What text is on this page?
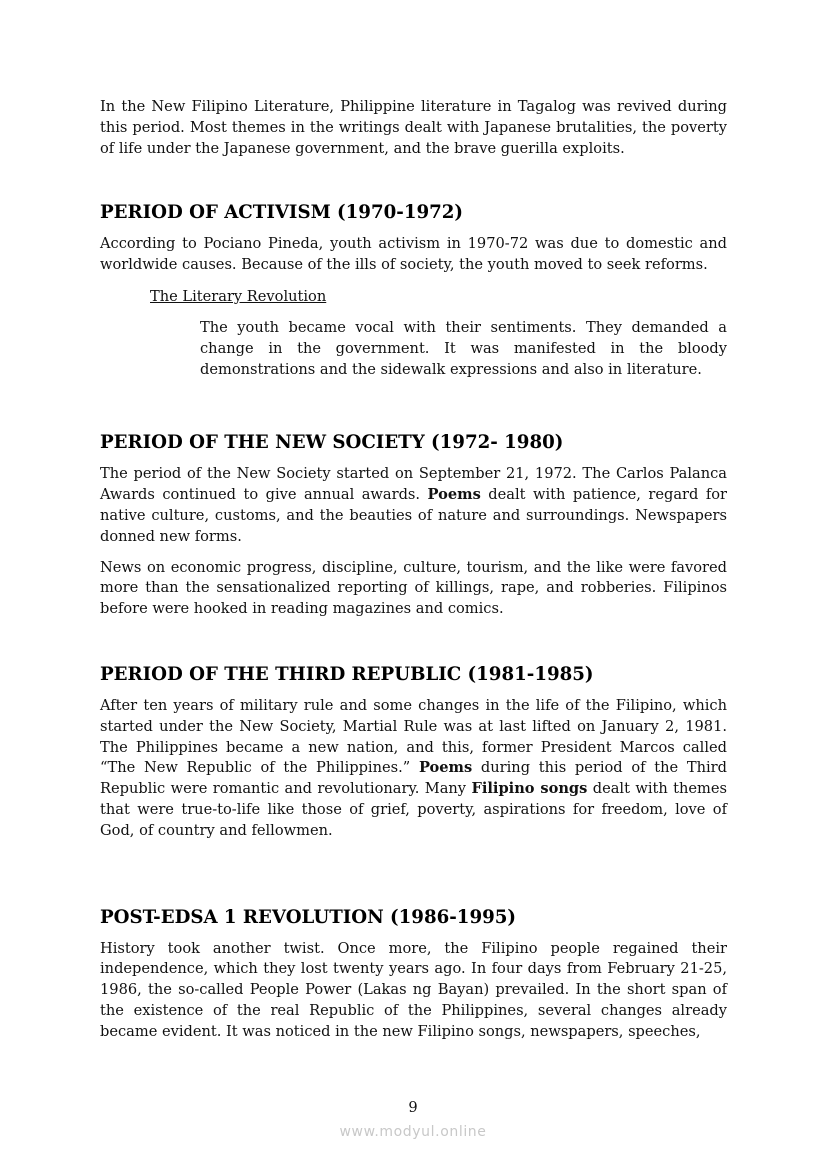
In the New Filipino Literature, Philippine literature in Tagalog was revived during this period. Most themes in the writings dealt with Japanese brutalities, the poverty of life under the Japanese government, and the brave guerilla exploits.

PERIOD OF ACTIVISM (1970-1972)

According to Pociano Pineda, youth activism in 1970-72 was due to domestic and worldwide causes. Because of the ills of society, the youth moved to seek reforms.

The Literary Revolution

The youth became vocal with their sentiments. They demanded a change in the government. It was manifested in the bloody demonstrations and the sidewalk expressions and also in literature.

PERIOD OF THE NEW SOCIETY (1972- 1980)

The period of the New Society started on September 21, 1972. The Carlos Palanca Awards continued to give annual awards. Poems dealt with patience, regard for native culture, customs, and the beauties of nature and surroundings. Newspapers donned new forms.

News on economic progress, discipline, culture, tourism, and the like were favored more than the sensationalized reporting of killings, rape, and robberies. Filipinos before were hooked in reading magazines and comics.

PERIOD OF THE THIRD REPUBLIC (1981-1985)

After ten years of military rule and some changes in the life of the Filipino, which started under the New Society, Martial Rule was at last lifted on January 2, 1981. The Philippines became a new nation, and this, former President Marcos called “The New Republic of the Philippines.” Poems during this period of the Third Republic were romantic and revolutionary. Many Filipino songs dealt with themes that were true-to-life like those of grief, poverty, aspirations for freedom, love of God, of country and fellowmen.

POST-EDSA 1 REVOLUTION (1986-1995)

History took another twist. Once more, the Filipino people regained their independence, which they lost twenty years ago. In four days from February 21-25, 1986, the so-called People Power (Lakas ng Bayan) prevailed. In the short span of the existence of the real Republic of the Philippines, several changes already became evident. It was noticed in the new Filipino songs, newspapers, speeches,

9
www.modyul.online
